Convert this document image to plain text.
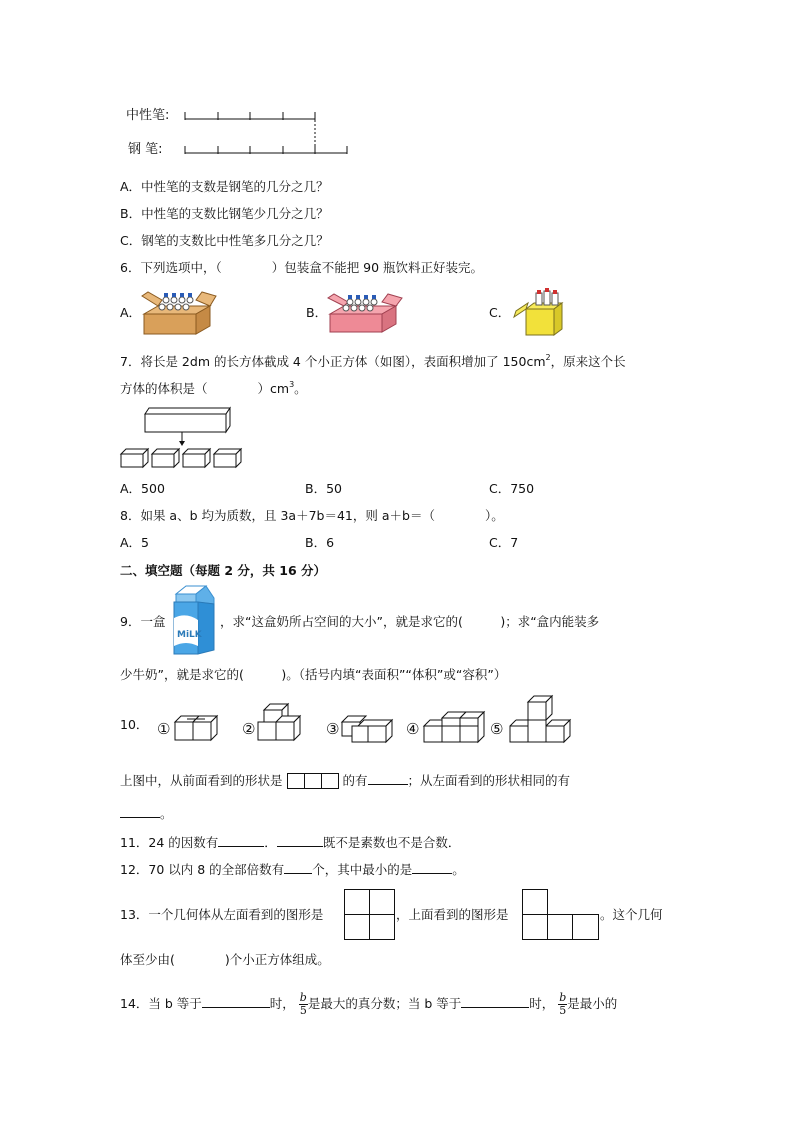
中性笔:
钢 笔:
A．中性笔的支数是钢笔的几分之几？
B．中性笔的支数比钢笔少几分之几？
C．钢笔的支数比中性笔多几分之几？
6．下列选项中，（　　　　）包装盒不能把 90 瓶饮料正好装完。
A．	B．	C．
7．将长是 2dm 的长方体截成 4 个小正方体（如图），表面积增加了 $150cm^2$，原来这个长
方体的体积是（　　　　）$cm^3$。
A．500	B．50	C．750
8．如果 a、b 均为质数，且 3a＋7b＝41，则 a＋b＝（　　　　）。
A．5	B．6	C．7
二、填空题（每题 2 分，共 16 分）
9．一盒
MiLK
，求“这盒奶所占空间的大小”，就是求它的(　　　)；求“盒内能装多
少牛奶”，就是求它的(　　　)。（括号内填“表面积”“体积”或“容积”）
10． ①	②	③	④	⑤
上图中，从前面看到的形状是	的有	；从左面看到的形状相同的有
。
11．24 的因数有	．	既不是素数也不是合数．
12．70 以内 8 的全部倍数有 个，其中最小的是	。
13．一个几何体从左面看到的图形是	，上面看到的图形是	。这个几何
体至少由(　　　　)个小正方体组成。
14．当 b 等于	时， $\frac{b}{5}$ 是最大的真分数；当 b 等于	时， $\frac{b}{5}$ 是最小的
